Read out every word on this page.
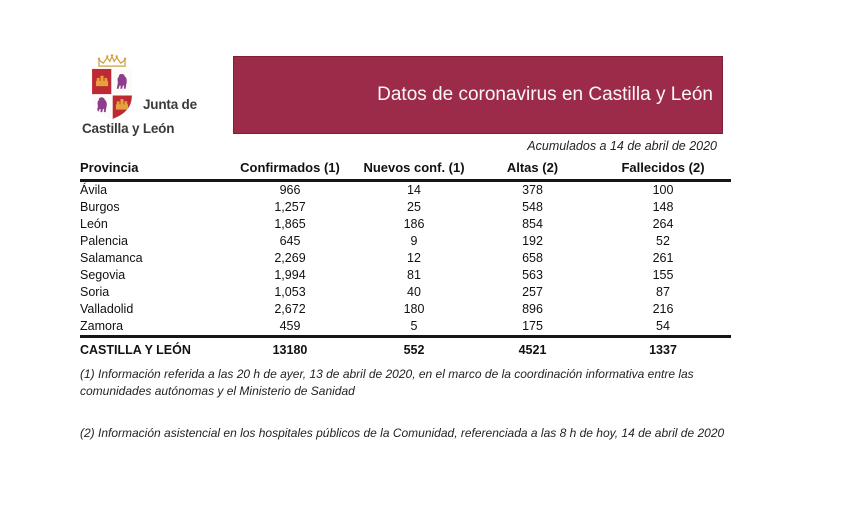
Junta de
Castilla y León
Datos de coronavirus en Castilla y León
Acumulados a 14 de abril de 2020
Provincia	Confirmados (1)	Nuevos conf. (1)	Altas (2)	Fallecidos (2)
Ávila	966	14	378	100
Burgos	1,257	25	548	148
León	1,865	186	854	264
Palencia	645	9	192	52
Salamanca	2,269	12	658	261
Segovia	1,994	81	563	155
Soria	1,053	40	257	87
Valladolid	2,672	180	896	216
Zamora	459	5	175	54
CASTILLA Y LEÓN	13180	552	4521	1337

(1) Información referida a las 20 h de ayer, 13 de abril de 2020, en el marco de la coordinación informativa entre las comunidades autónomas y el Ministerio de Sanidad

(2) Información asistencial en los hospitales públicos de la Comunidad, referenciada a las 8 h de hoy, 14 de abril de 2020
